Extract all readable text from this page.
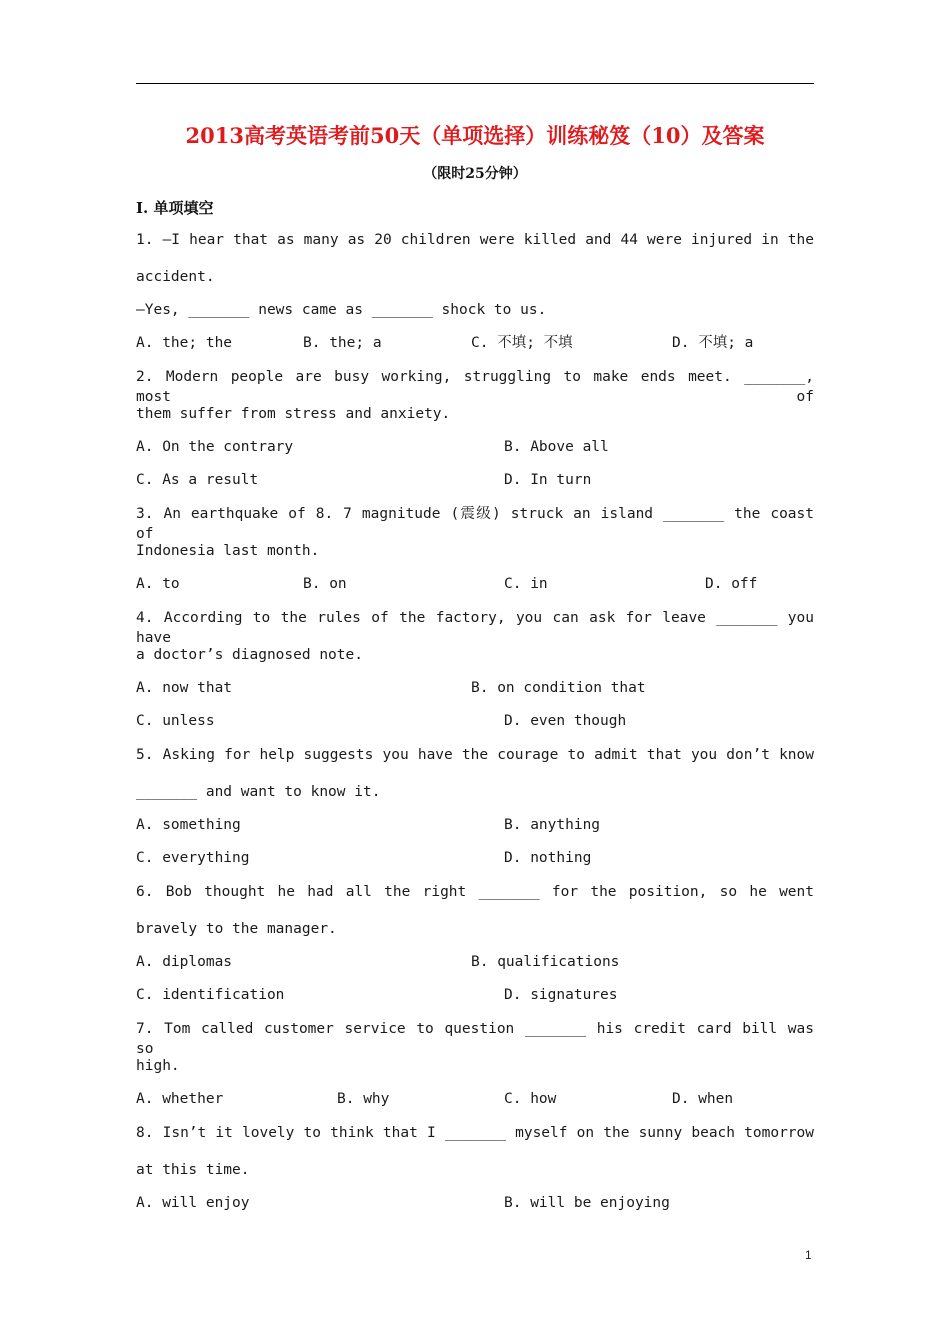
2013高考英语考前50天（单项选择）训练秘笈（10）及答案
（限时25分钟）
Ⅰ. 单项填空
1. —I hear that as many as 20 children were killed and 44 were injured in the
accident.
—Yes, _______ news came as _______ shock to us.
A. the; the	B. the; a	C. 不填; 不填	D. 不填; a
2. Modern people are busy working, struggling to make ends meet. _______, most of
them suffer from stress and anxiety.
A. On the contrary	B. Above all
C. As a result	D. In turn
3. An earthquake of 8. 7 magnitude (震级) struck an island _______ the coast of
Indonesia last month.
A. to	B. on	C. in	D. off
4. According to the rules of the factory, you can ask for leave _______ you have
a doctor’s diagnosed note.
A. now that	B. on condition that
C. unless	D. even though
5. Asking for help suggests you have the courage to admit that you don’t know
_______ and want to know it.
A. something	B. anything
C. everything	D. nothing
6. Bob thought he had all the right _______ for the position, so he went
bravely to the manager.
A. diplomas	B. qualifications
C. identification	D. signatures
7. Tom called customer service to question _______ his credit card bill was so
high.
A. whether	B. why	C. how	D. when
8. Isn’t it lovely to think that I _______ myself on the sunny beach tomorrow
at this time.
A. will enjoy	B. will be enjoying
1
